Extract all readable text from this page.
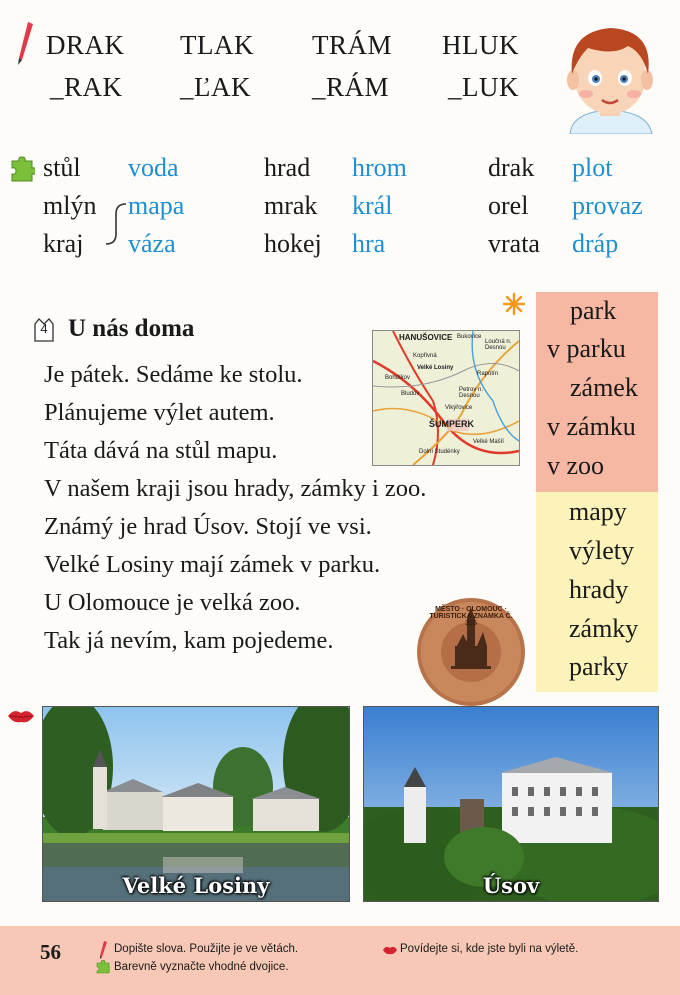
DRAK TLAK TRÁM HLUK
_RAK _ĽAK _RÁM _LUK
stůl voda
mlýn mapa
kraj váza
hrad hrom
mrak král
hokej hra
drak plot
orel provaz
vrata dráp
4 U nás doma
Je pátek. Sedáme ke stolu.
Plánujeme výlet autem.
Táta dává na stůl mapu.
V našem kraji jsou hrady, zámky i zoo.
Známý je hrad Úsov. Stojí ve vsi.
Velké Losiny mají zámek v parku.
U Olomouce je velká zoo.
Tak já nevím, kam pojedeme.
HANUŠOVICE Bukovice
Loučná n. Desnou
Kopřivná
Velké Losiny
Rapotín
Bohdíkov
Petrov n. Desnou
Vikýřovice
ŠUMPERK
Bludov
Dolní Studénky
Velké Mašíl
park
v parku
zámek
v zámku
v zoo
mapy
výlety
hrady
zámky
parky
MĚSTO · OLOMOUC · TURISTICKÁ ZNÁMKA Č. 335
Velké Losiny	Úsov
56	Dopište slova. Použijte je ve větách.
Barevně vyznačte vhodné dvojice.
Povídejte si, kde jste byli na výletě.
